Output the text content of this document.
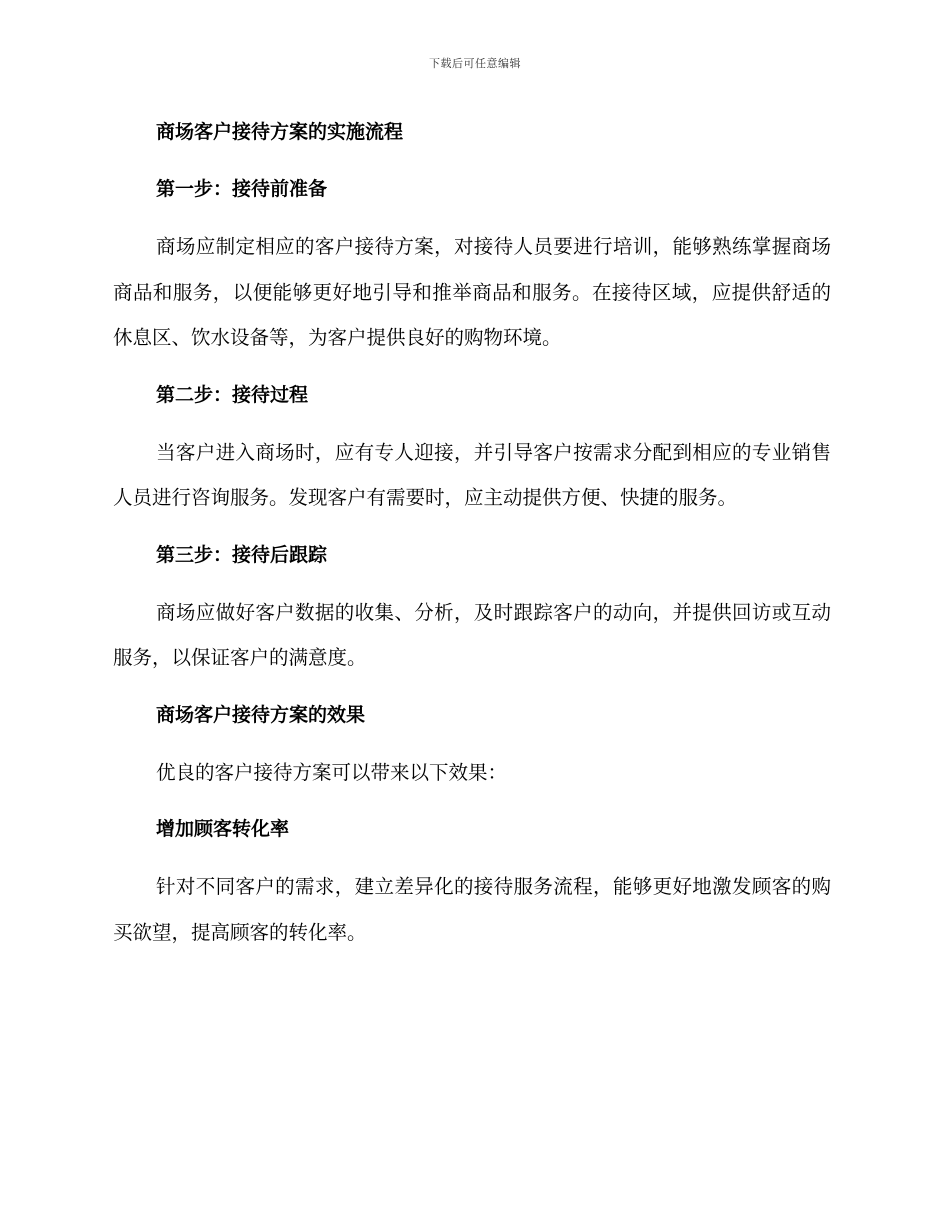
下载后可任意编辑
商场客户接待方案的实施流程
第一步：接待前准备

商场应制定相应的客户接待方案，对接待人员要进行培训，能够熟练掌握商场商品和服务，以便能够更好地引导和推举商品和服务。在接待区域，应提供舒适的休息区、饮水设备等，为客户提供良好的购物环境。

第二步：接待过程

当客户进入商场时，应有专人迎接，并引导客户按需求分配到相应的专业销售人员进行咨询服务。发现客户有需要时，应主动提供方便、快捷的服务。

第三步：接待后跟踪

商场应做好客户数据的收集、分析，及时跟踪客户的动向，并提供回访或互动服务，以保证客户的满意度。

商场客户接待方案的效果

优良的客户接待方案可以带来以下效果：

增加顾客转化率

针对不同客户的需求，建立差异化的接待服务流程，能够更好地激发顾客的购买欲望，提高顾客的转化率。
